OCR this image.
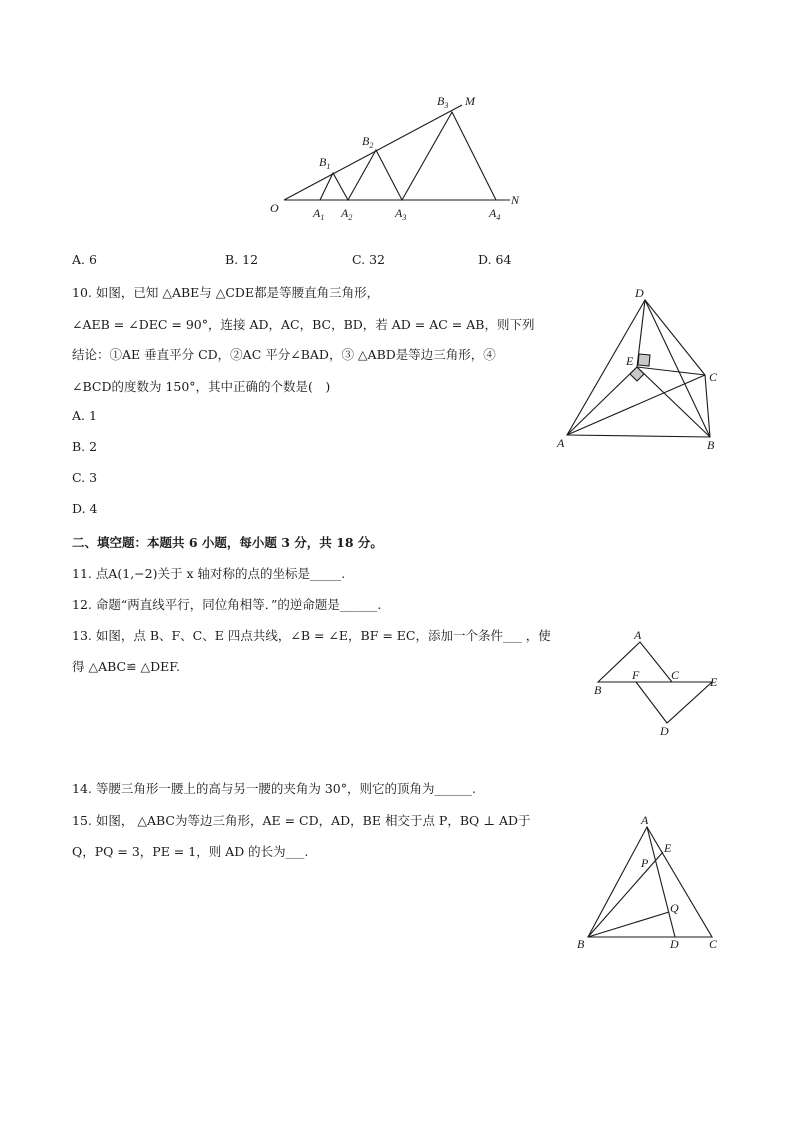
O
M
N
$A_1$ $A_2$	$A_3$	$A_4$
$B_1$
$B_2$
$B_3$
A. 6	B. 12	C. 32	D. 64
10. 如图，已知 △ABE与 △CDE都是等腰直角三角形，
∠AEB = ∠DEC = 90°，连接 AD，AC，BC，BD，若 AD = AC = AB，则下列
结论：①AE 垂直平分 CD，②AC 平分∠BAD，③ △ABD是等边三角形，④
∠BCD的度数为 150°，其中正确的个数是(　)
A. 1
B. 2
C. 3
D. 4
D
E
C
A	B
二、填空题：本题共 6 小题，每小题 3 分，共 18 分。
11. 点A(1,−2)关于 x 轴对称的点的坐标是_____.
12. 命题“两直线平行，同位角相等．”的逆命题是______.
13. 如图，点 B、F、C、E 四点共线，∠B = ∠E，BF = EC，添加一个条件___ ，使
得 △ABC≌ △DEF.
A
B
F	C	E
D
14. 等腰三角形一腰上的高与另一腰的夹角为 30°，则它的顶角为______.
15. 如图， △ABC为等边三角形，AE = CD，AD，BE 相交于点 P，BQ ⊥ AD于
Q，PQ = 3，PE = 1，则 AD 的长为___.
A
E
P
Q
B	D	C
